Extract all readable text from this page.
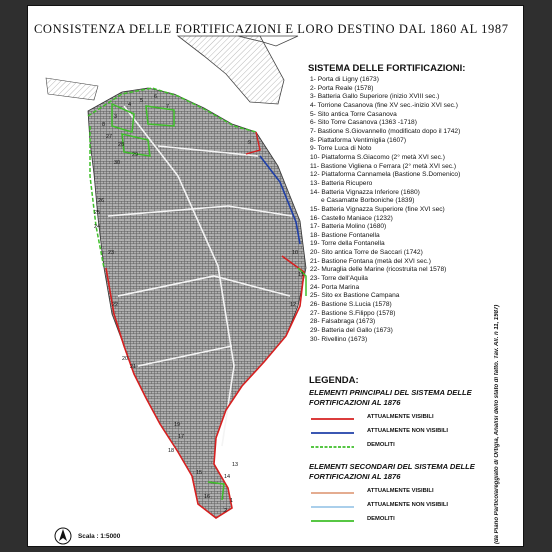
1
2
3
4
5
6
7
8
9
10
11
12
13
14
15
16
17
18
19
20
21
22
23
24
25
26
27
28
29
30
CONSISTENZA DELLE FORTIFICAZIONI E LORO DESTINO DAL 1860 AL 1987
SISTEMA DELLE FORTIFICAZIONI:
1- Porta di Ligny (1673)
2- Porta Reale (1578)
3- Batteria Gallo Superiore (inizio XVIII sec.)
4- Torrione Casanova (fine XV sec.-inizio XVI sec.)
5- Sito antica Torre Casanova
6- Sito Torre Casanova (1363 -1718)
7- Bastione S.Giovannello (modificato dopo il 1742)
8- Piattaforma Ventimiglia (1607)
9- Torre Luca di Noto
10- Piattaforma S.Giacomo (2° metà XVI sec.)
11- Bastione Vigliena o Ferrara (2° metà XVI sec.)
12- Piattaforma Cannamela (Bastione S.Domenico)
13- Batteria Ricupero
14- Batteria Vignazza Inferiore (1680)
e Casamatte Borboniche (1839)
15- Batteria Vignazza Superiore (fine XVI sec)
16- Castello Maniace (1232)
17- Batteria Molino (1680)
18- Bastione Fontanella
19- Torre della Fontanella
20- Sito antica Torre de Saccari (1742)
21- Bastione Fontana (metà del XVI sec.)
22- Muraglia delle Marine (ricostruita nel 1578)
23- Torre dell'Aquila
24- Porta Marina
25- Sito ex Bastione Campana
26- Bastione S.Lucia (1578)
27- Bastione S.Filippo (1578)
28- Falsabraga (1673)
29- Batteria del Gallo (1673)
30- Rivellino (1673)
LEGENDA:
ELEMENTI PRINCIPALI DEL SISTEMA DELLE FORTIFICAZIONI AL 1876
ATTUALMENTE VISIBILI
ATTUALMENTE NON VISIBILI
DEMOLITI
ELEMENTI SECONDARI DEL SISTEMA DELLE FORTIFICAZIONI AL 1876
ATTUALMENTE VISIBILI
ATTUALMENTE NON VISIBILI
DEMOLITI	(da Piano Particolareggiato di Ortigia, Analisi dello stato di fatto. Tav. All. n 11, 1987)
Scala : 1:5000
